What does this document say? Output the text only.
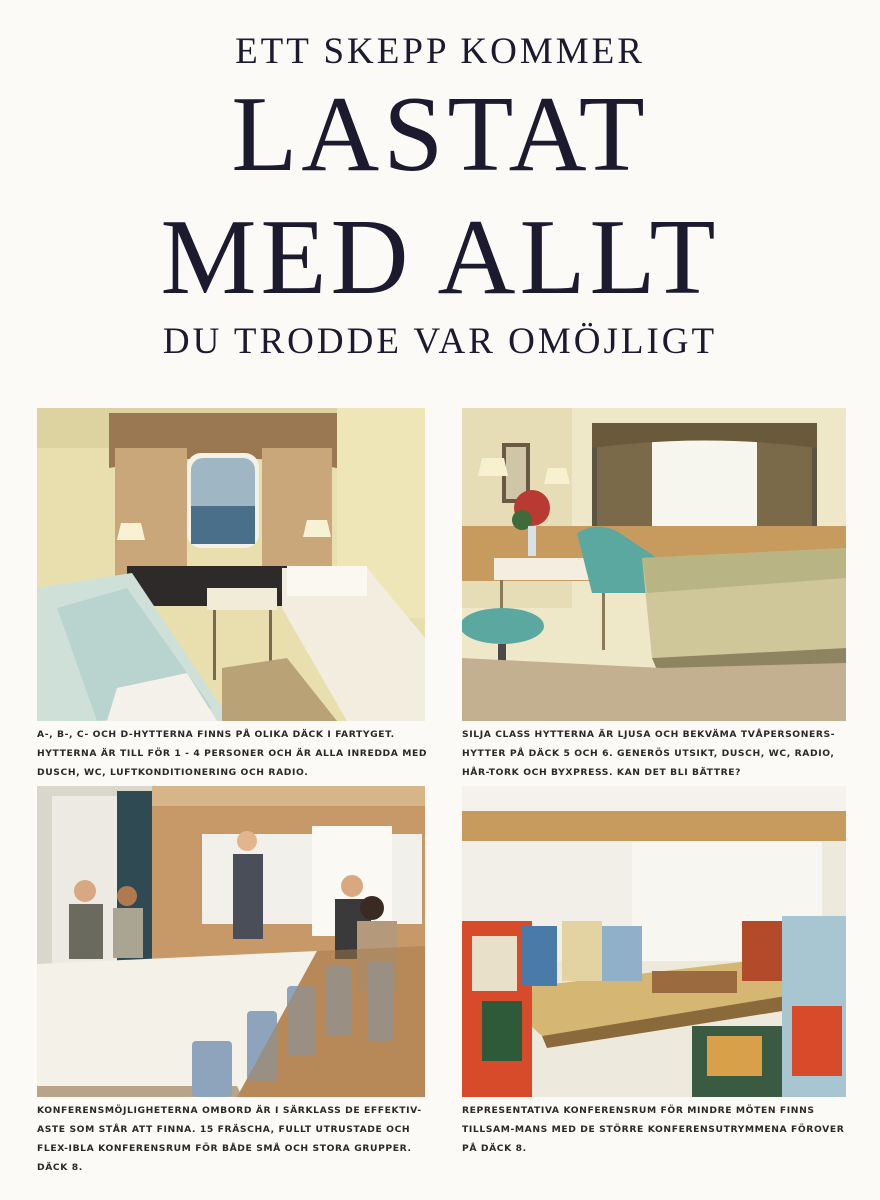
ETT SKEPP KOMMER
LASTAT
MED ALLT
DU TRODDE VAR OMÖJLIGT
A-, B-, C- OCH D-HYTTERNA FINNS PÅ OLIKA DÄCK I FARTYGET. HYTTERNA ÄR TILL FÖR 1 - 4 PERSONER OCH ÄR ALLA INREDDA MED DUSCH, WC, LUFTKONDITIONERING OCH RADIO.
SILJA CLASS HYTTERNA ÄR LJUSA OCH BEKVÄMA TVÅPERSONERS-HYTTER PÅ DÄCK 5 OCH 6. GENERÖS UTSIKT, DUSCH, WC, RADIO, HÅR-TORK OCH BYXPRESS. KAN DET BLI BÄTTRE?
KONFERENSMÖJLIGHETERNA OMBORD ÄR I SÄRKLASS DE EFFEKTIV-ASTE SOM STÅR ATT FINNA. 15 FRÄSCHA, FULLT UTRUSTADE OCH FLEX-IBLA KONFERENSRUM FÖR BÅDE SMÅ OCH STORA GRUPPER. DÄCK 8.
REPRESENTATIVA KONFERENSRUM FÖR MINDRE MÖTEN FINNS TILLSAM-MANS MED DE STÖRRE KONFERENSUTRYMMENA FÖROVER PÅ DÄCK 8.
